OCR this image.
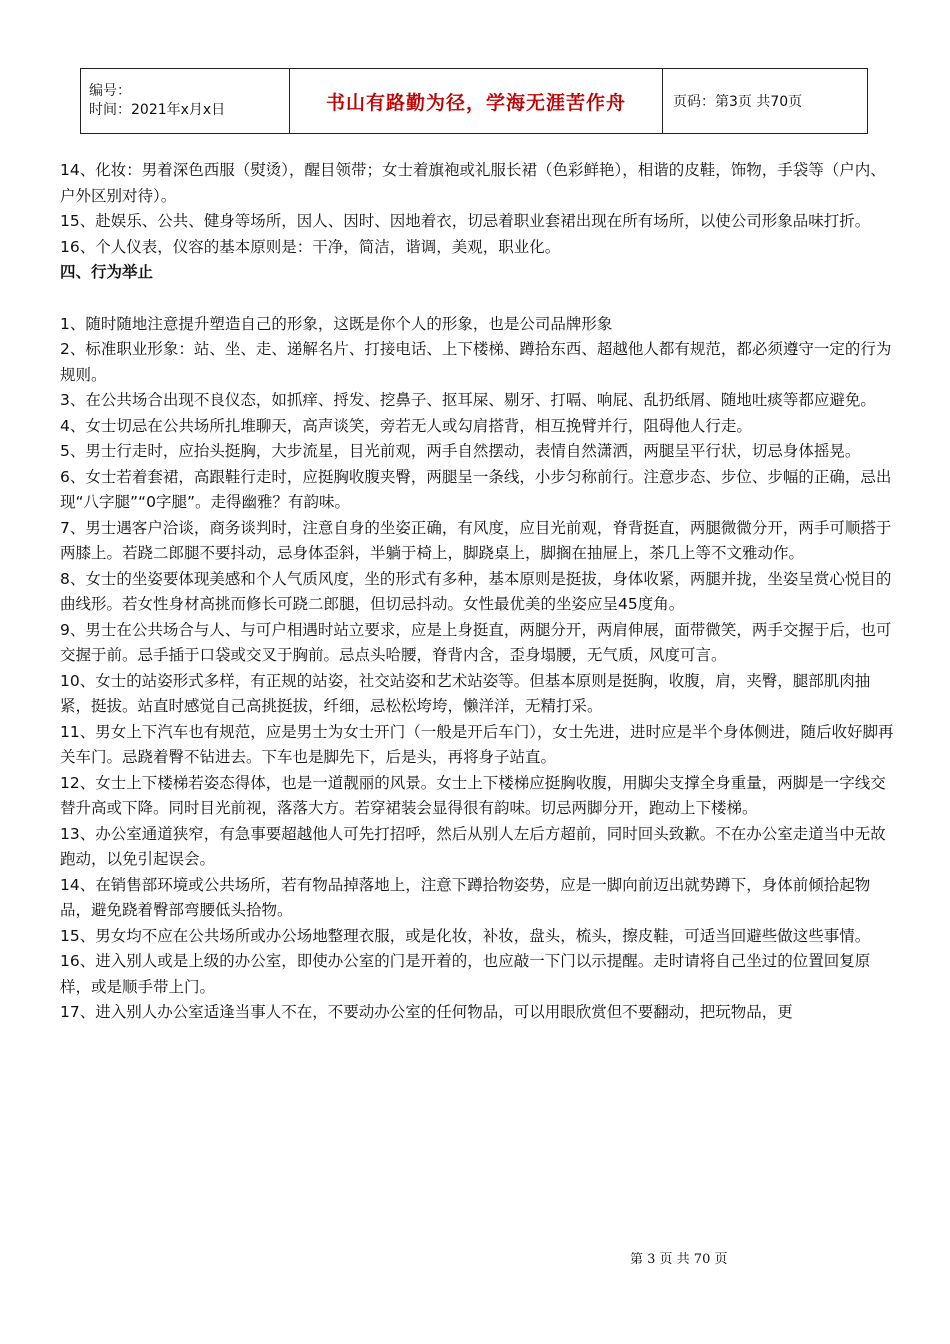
编号：
时间：2021年x月x日	书山有路勤为径，学海无涯苦作舟	页码：第3页 共70页

14、化妆：男着深色西服（熨烫），醒目领带；女士着旗袍或礼服长裙（色彩鲜艳），相谐的皮鞋，饰物，手袋等（户内、户外区别对待）。

15、赴娱乐、公共、健身等场所，因人、因时、因地着衣，切忌着职业套裙出现在所有场所，以使公司形象品味打折。

16、个人仪表，仪容的基本原则是：干净，简洁，谐调，美观，职业化。

四、行为举止

1、随时随地注意提升塑造自己的形象，这既是你个人的形象，也是公司品牌形象

2、标准职业形象：站、坐、走、递解名片、打接电话、上下楼梯、蹲拾东西、超越他人都有规范，都必须遵守一定的行为规则。

3、在公共场合出现不良仪态，如抓痒、捋发、挖鼻子、抠耳屎、剔牙、打嗝、响屁、乱扔纸屑、随地吐痰等都应避免。

4、女士切忌在公共场所扎堆聊天，高声谈笑，旁若无人或勾肩搭背，相互挽臂并行，阻碍他人行走。

5、男士行走时，应抬头挺胸，大步流星，目光前观，两手自然摆动，表情自然潇洒，两腿呈平行状，切忌身体摇晃。

6、女士若着套裙，高跟鞋行走时，应挺胸收腹夹臀，两腿呈一条线，小步匀称前行。注意步态、步位、步幅的正确，忌出现“八字腿”“0字腿”。走得幽雅？有韵味。

7、男士遇客户洽谈，商务谈判时，注意自身的坐姿正确，有风度，应目光前观，脊背挺直，两腿微微分开，两手可顺搭于两膝上。若跷二郎腿不要抖动，忌身体歪斜，半躺于椅上，脚跷桌上，脚搁在抽屉上，茶几上等不文雅动作。

8、女士的坐姿要体现美感和个人气质风度，坐的形式有多种，基本原则是挺拔，身体收紧，两腿并拢，坐姿呈赏心悦目的曲线形。若女性身材高挑而修长可跷二郎腿，但切忌抖动。女性最优美的坐姿应呈45度角。

9、男士在公共场合与人、与可户相遇时站立要求，应是上身挺直，两腿分开，两肩伸展，面带微笑，两手交握于后，也可交握于前。忌手插于口袋或交叉于胸前。忌点头哈腰，脊背内含，歪身塌腰，无气质，风度可言。

10、女士的站姿形式多样，有正规的站姿，社交站姿和艺术站姿等。但基本原则是挺胸，收腹，肩，夹臀，腿部肌肉抽紧，挺拔。站直时感觉自己高挑挺拔，纤细，忌松松垮垮，懒洋洋，无精打采。

11、男女上下汽车也有规范，应是男士为女士开门（一般是开后车门），女士先进，进时应是半个身体侧进，随后收好脚再关车门。忌跷着臀不钻进去。下车也是脚先下，后是头，再将身子站直。

12、女士上下楼梯若姿态得体，也是一道靓丽的风景。女士上下楼梯应挺胸收腹，用脚尖支撑全身重量，两脚是一字线交替升高或下降。同时目光前视，落落大方。若穿裙装会显得很有韵味。切忌两脚分开，跑动上下楼梯。

13、办公室通道狭窄，有急事要超越他人可先打招呼，然后从别人左后方超前，同时回头致歉。不在办公室走道当中无故跑动，以免引起误会。

14、在销售部环境或公共场所，若有物品掉落地上，注意下蹲拾物姿势，应是一脚向前迈出就势蹲下，身体前倾拾起物品，避免跷着臀部弯腰低头拾物。

15、男女均不应在公共场所或办公场地整理衣服，或是化妆，补妆，盘头，梳头，擦皮鞋，可适当回避些做这些事情。

16、进入别人或是上级的办公室，即使办公室的门是开着的，也应敲一下门以示提醒。走时请将自己坐过的位置回复原样，或是顺手带上门。

17、进入别人办公室适逢当事人不在，不要动办公室的任何物品，可以用眼欣赏但不要翻动，把玩物品，更

第 3 页 共 70 页
